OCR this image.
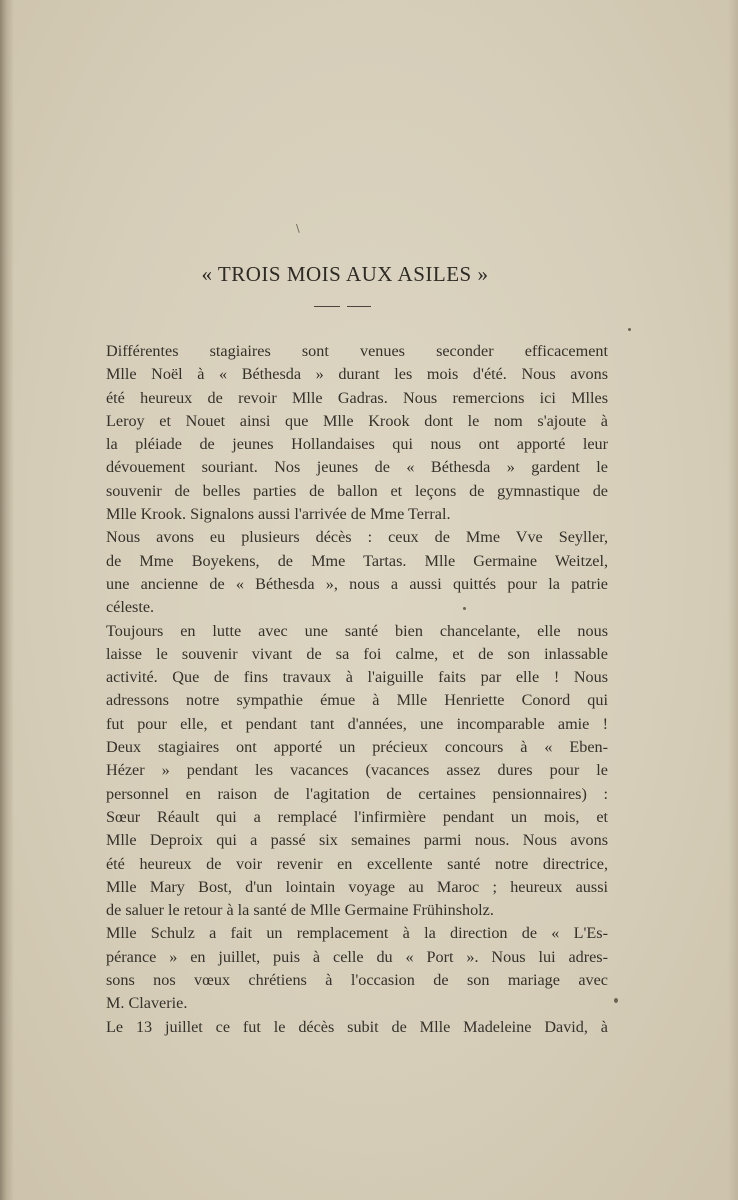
\
« TROIS MOIS AUX ASILES »
Différentes stagiaires sont venues seconder efficacement
Mlle Noël à « Béthesda » durant les mois d'été. Nous avons
été heureux de revoir Mlle Gadras. Nous remercions ici Mlles
Leroy et Nouet ainsi que Mlle Krook dont le nom s'ajoute à
la pléiade de jeunes Hollandaises qui nous ont apporté leur
dévouement souriant. Nos jeunes de « Béthesda » gardent le
souvenir de belles parties de ballon et leçons de gymnastique de
Mlle Krook. Signalons aussi l'arrivée de Mme Terral.
Nous avons eu plusieurs décès : ceux de Mme Vve Seyller,
de Mme Boyekens, de Mme Tartas. Mlle Germaine Weitzel,
une ancienne de « Béthesda », nous a aussi quittés pour la patrie
céleste.
Toujours en lutte avec une santé bien chancelante, elle nous
laisse le souvenir vivant de sa foi calme, et de son inlassable
activité. Que de fins travaux à l'aiguille faits par elle ! Nous
adressons notre sympathie émue à Mlle Henriette Conord qui
fut pour elle, et pendant tant d'années, une incomparable amie !
Deux stagiaires ont apporté un précieux concours à « Eben-
Hézer » pendant les vacances (vacances assez dures pour le
personnel en raison de l'agitation de certaines pensionnaires) :
Sœur Réault qui a remplacé l'infirmière pendant un mois, et
Mlle Deproix qui a passé six semaines parmi nous. Nous avons
été heureux de voir revenir en excellente santé notre directrice,
Mlle Mary Bost, d'un lointain voyage au Maroc ; heureux aussi
de saluer le retour à la santé de Mlle Germaine Frühinsholz.
Mlle Schulz a fait un remplacement à la direction de « L'Es-
pérance » en juillet, puis à celle du « Port ». Nous lui adres-
sons nos vœux chrétiens à l'occasion de son mariage avec
M. Claverie.
Le 13 juillet ce fut le décès subit de Mlle Madeleine David, à
